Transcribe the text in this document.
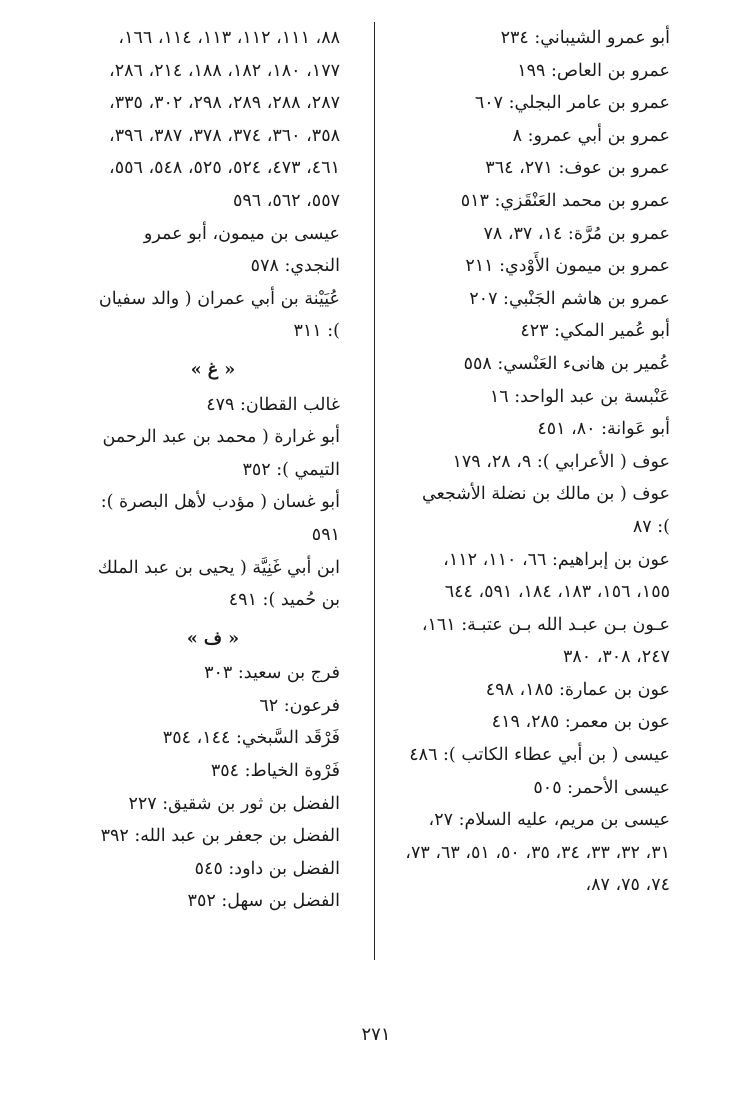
أبو عمرو الشيباني: ٢٣٤

عمرو بن العاص: ١٩٩

عمرو بن عامر البجلي: ٦٠٧

عمرو بن أبي عمرو: ٨

عمرو بن عوف: ٢٧١، ٣٦٤

عمرو بن محمد العَنْقَزي: ٥١٣

عمرو بن مُرَّة: ١٤، ٣٧، ٧٨

عمرو بن ميمون الأَوْدي: ٢١١

عمرو بن هاشم الجَنْبي: ٢٠٧

أبو عُمير المكي: ٤٢٣

عُمير بن هانىء العَنْسي: ٥٥٨

عَنْبسة بن عبد الواحد: ١٦

أبو عَوانة: ٨٠، ٤٥١

عوف ( الأعرابي ): ٩، ٢٨، ١٧٩

عوف ( بن مالك بن نضلة الأشجعي ): ٨٧

عون بن إبراهيم: ٦٦، ١١٠، ١١٢، ١٥٥، ١٥٦، ١٨٣، ١٨٤، ٥٩١، ٦٤٤

عـون بـن عبـد الله بـن عتبـة: ١٦١، ٢٤٧، ٣٠٨، ٣٨٠

عون بن عمارة: ١٨٥، ٤٩٨

عون بن معمر: ٢٨٥، ٤١٩

عيسى ( بن أبي عطاء الكاتب ): ٤٨٦

عيسى الأحمر: ٥٠٥

عيسى بن مريم، عليه السلام: ٢٧، ٣١، ٣٢، ٣٣، ٣٤، ٣٥، ٥٠، ٥١، ٦٣، ٧٣، ٧٤، ٧٥، ٨٧،

٨٨، ١١١، ١١٢، ١١٣، ١١٤، ١٦٦، ١٧٧، ١٨٠، ١٨٢، ١٨٨، ٢١٤، ٢٨٦، ٢٨٧، ٢٨٨، ٢٨٩، ٢٩٨، ٣٠٢، ٣٣٥، ٣٥٨، ٣٦٠، ٣٧٤، ٣٧٨، ٣٨٧، ٣٩٦، ٤٦١، ٤٧٣، ٥٢٤، ٥٢٥، ٥٤٨، ٥٥٦، ٥٥٧، ٥٦٢، ٥٩٦

عيسى بن ميمون، أبو عمرو النجدي: ٥٧٨

عُيَيْنة بن أبي عمران ( والد سفيان ): ٣١١

« غ »

غالب القطان: ٤٧٩

أبو غرارة ( محمد بن عبد الرحمن التيمي ): ٣٥٢

أبو غسان ( مؤدب لأهل البصرة ): ٥٩١

ابن أبي غَنِيَّة ( يحيى بن عبد الملك بن حُميد ): ٤٩١

« ف »

فرج بن سعيد: ٣٠٣

فرعون: ٦٢

فَرْقَد السَّبخي: ١٤٤، ٣٥٤

فَرْوة الخياط: ٣٥٤

الفضل بن ثور بن شقيق: ٢٢٧

الفضل بن جعفر بن عبد الله: ٣٩٢

الفضل بن داود: ٥٤٥

الفضل بن سهل: ٣٥٢

٢٧١
